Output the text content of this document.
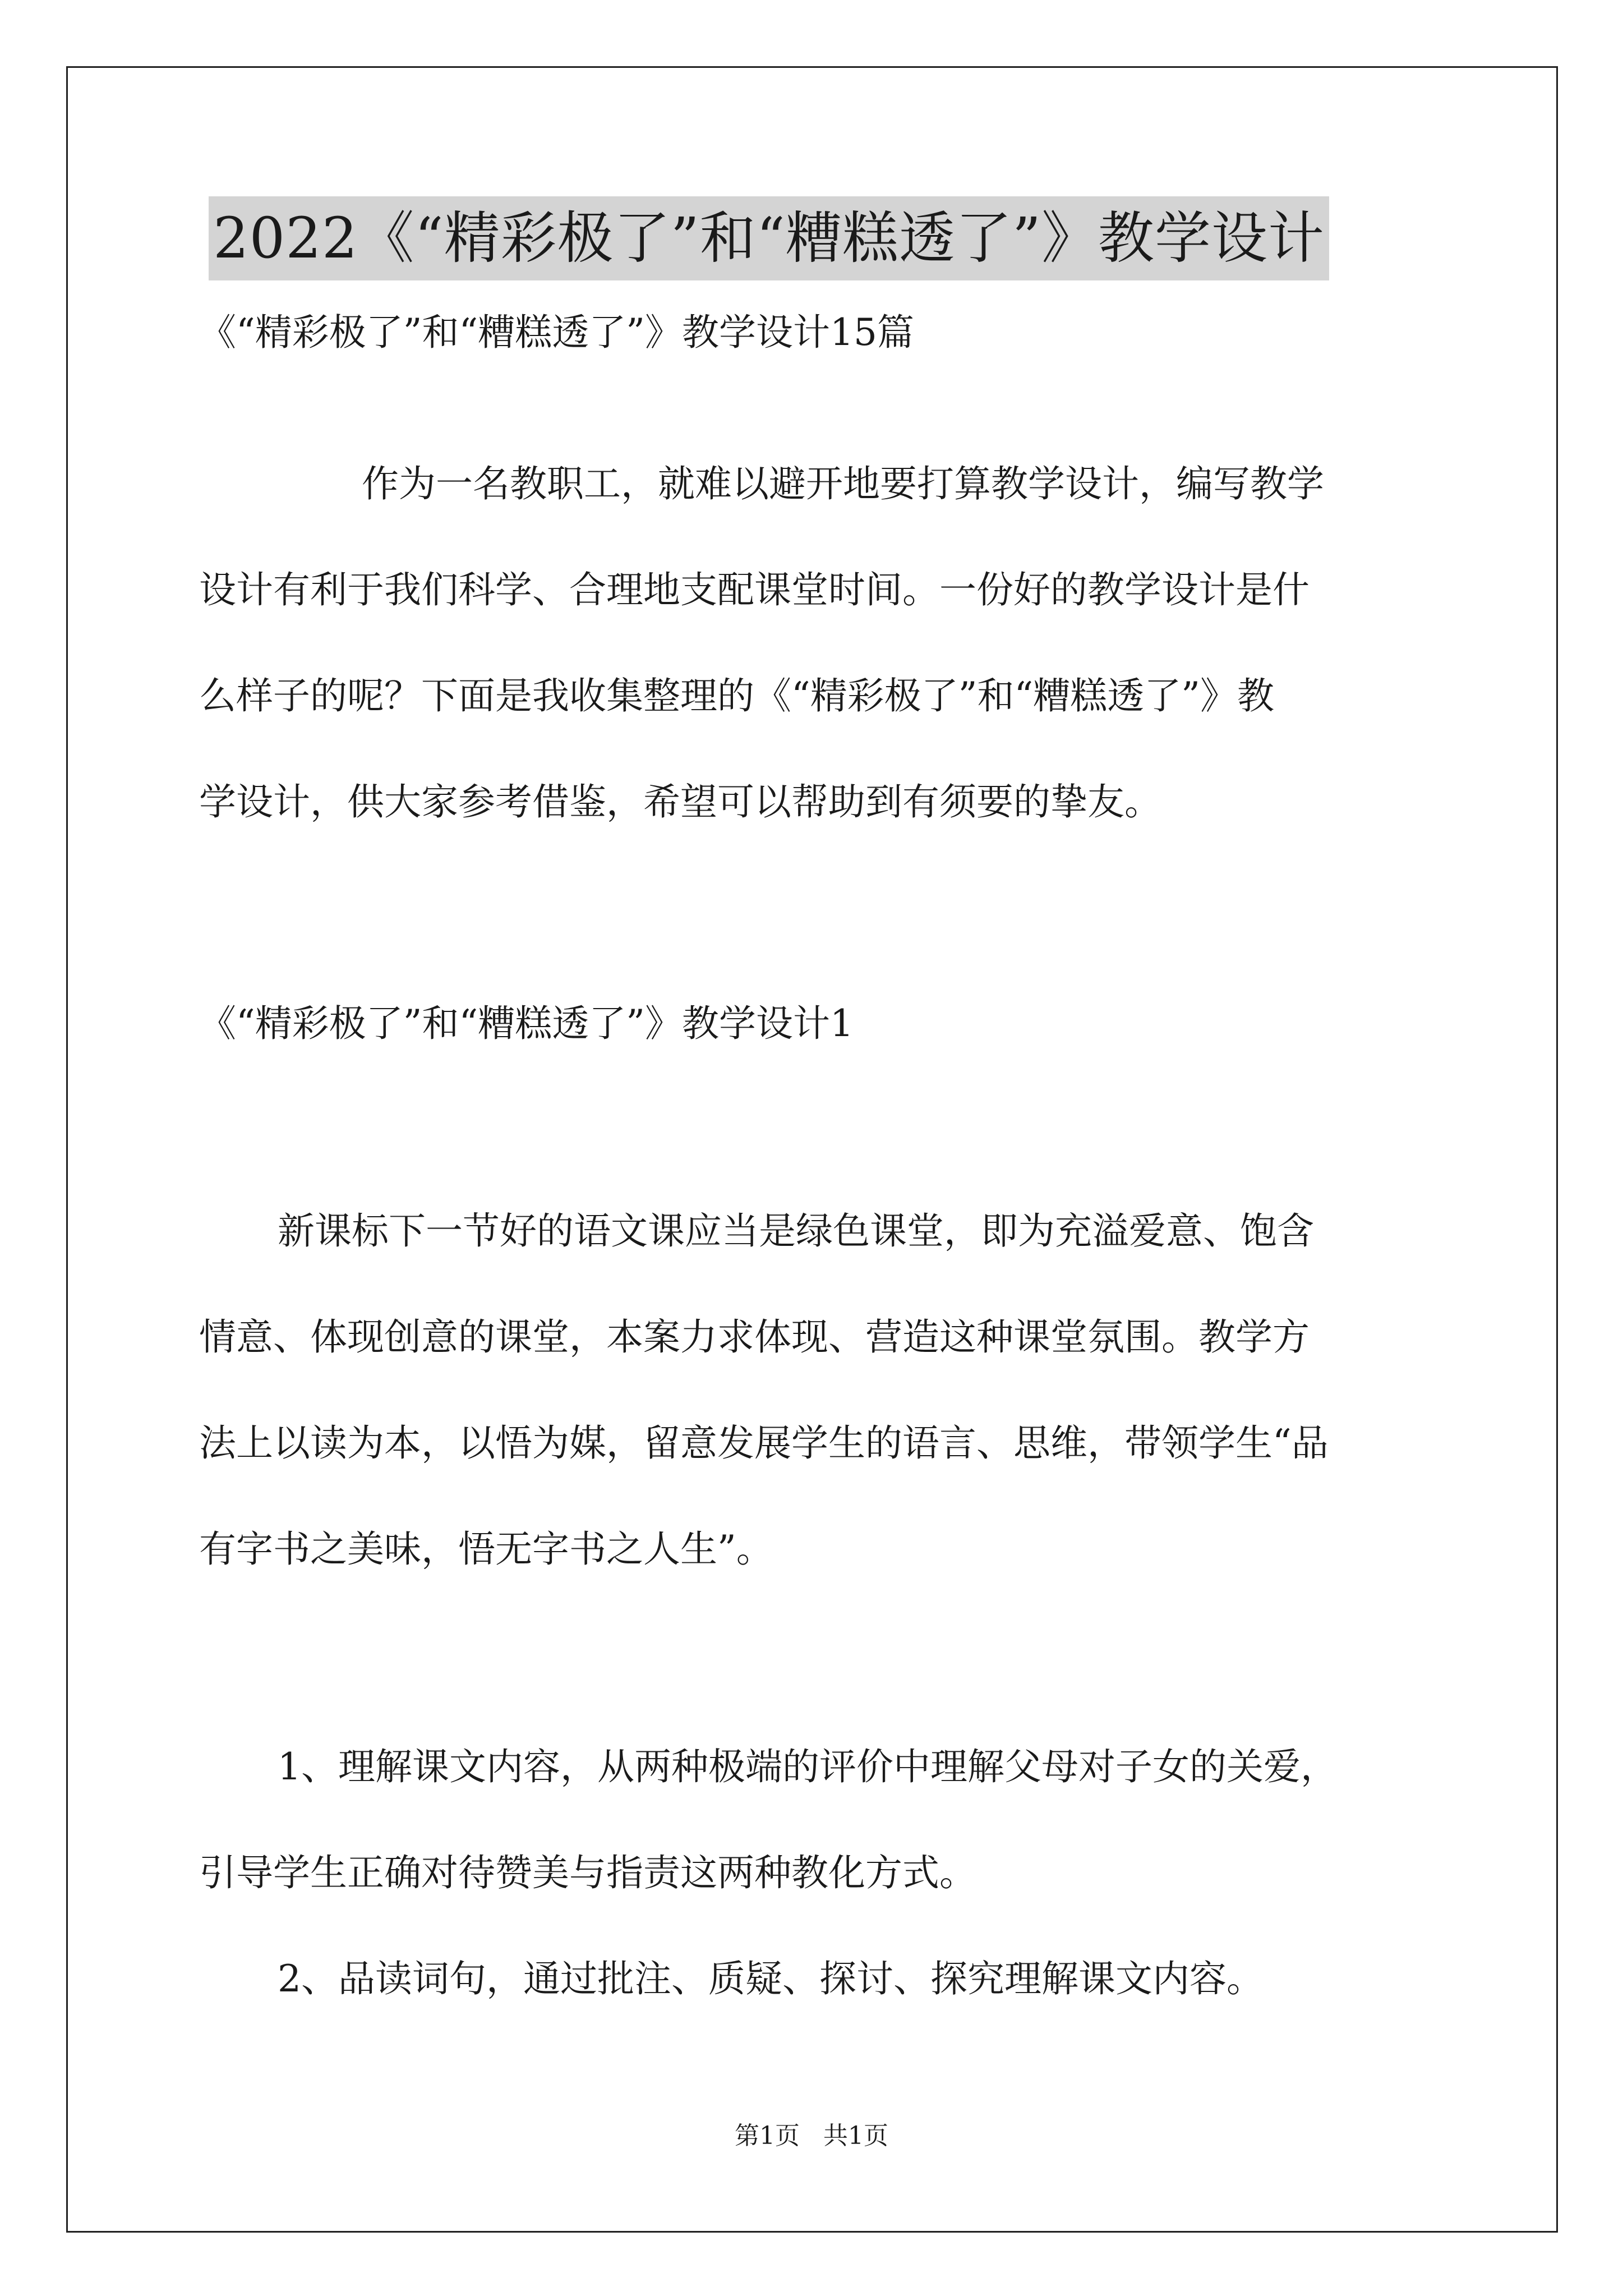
2022《“精彩极了”和“糟糕透了”》教学设计
《“精彩极了”和“糟糕透了”》教学设计15篇
作为一名教职工，就难以避开地要打算教学设计，编写教学
设计有利于我们科学、合理地支配课堂时间。一份好的教学设计是什
么样子的呢？下面是我收集整理的《“精彩极了”和“糟糕透了”》教
学设计，供大家参考借鉴，希望可以帮助到有须要的挚友。
《“精彩极了”和“糟糕透了”》教学设计1
新课标下一节好的语文课应当是绿色课堂，即为充溢爱意、饱含
情意、体现创意的课堂，本案力求体现、营造这种课堂氛围。教学方
法上以读为本，以悟为媒，留意发展学生的语言、思维，带领学生“品
有字书之美味，悟无字书之人生”。
1、理解课文内容，从两种极端的评价中理解父母对子女的关爱，
引导学生正确对待赞美与指责这两种教化方式。
2、品读词句，通过批注、质疑、探讨、探究理解课文内容。
第1页   共1页
